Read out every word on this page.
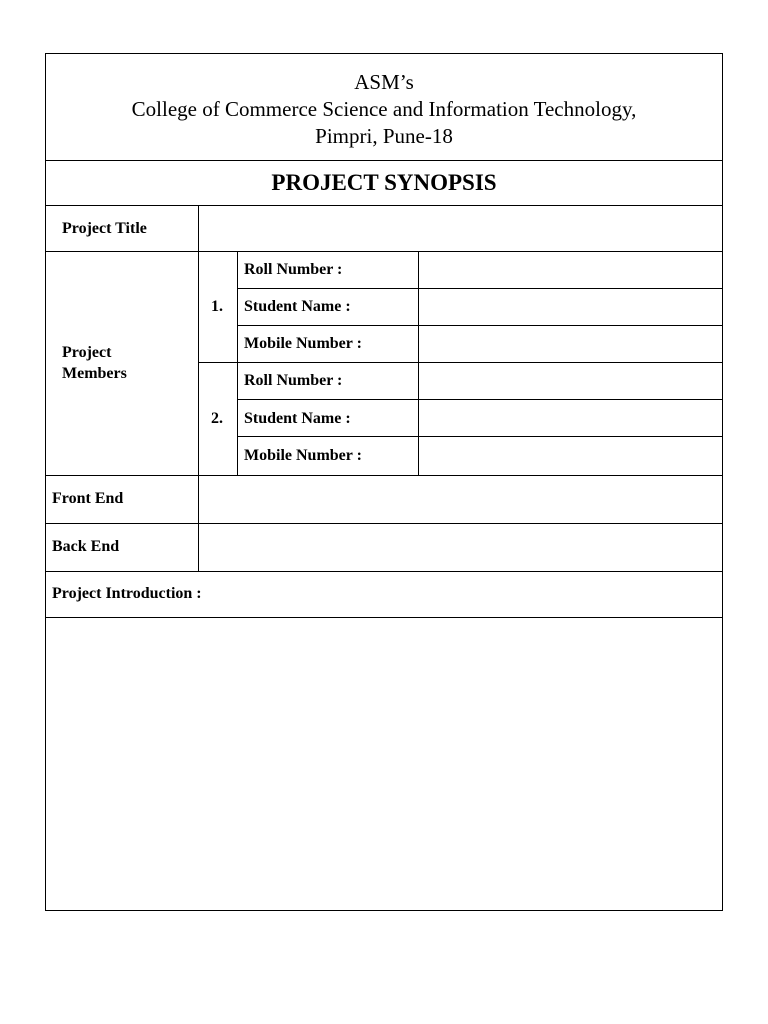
ASM’s
College of Commerce Science and Information Technology,
Pimpri, Pune-18
PROJECT SYNOPSIS
Project Title
Project
Members
1.
Roll Number :
Student Name :
Mobile Number :
2.
Roll Number :
Student Name :
Mobile Number :
Front End
Back End
Project Introduction :
